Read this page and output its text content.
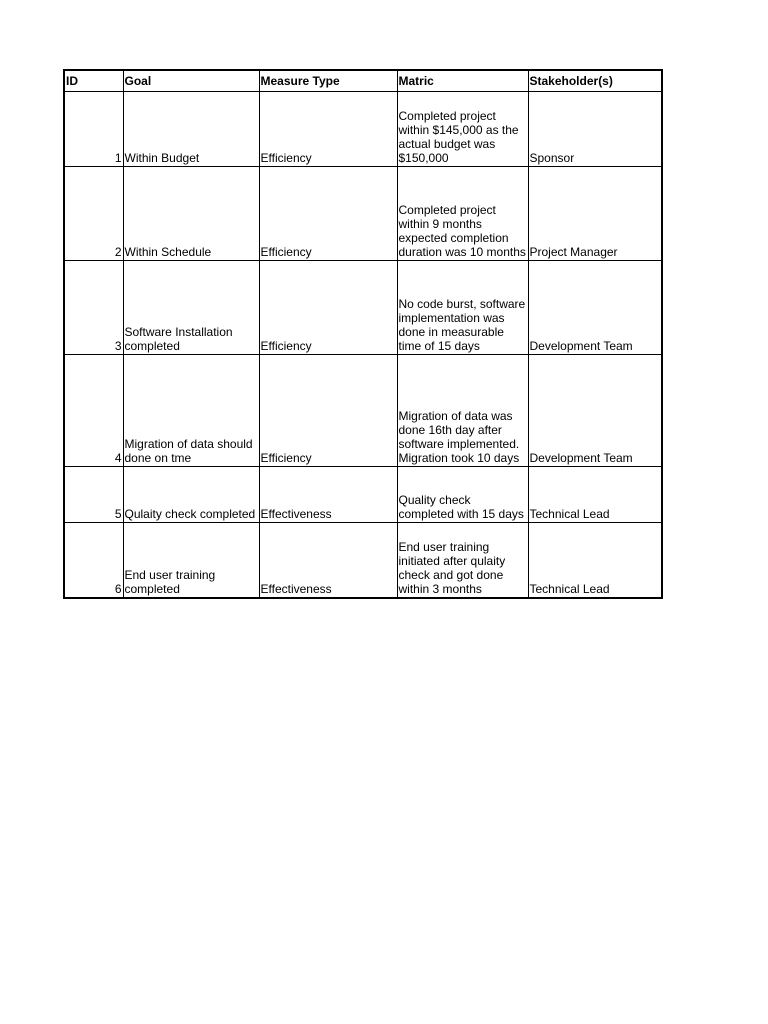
ID	Goal	Measure Type	Matric	Stakeholder(s)
1	Within Budget	Efficiency	Completed project within $145,000 as the actual budget was $150,000	Sponsor
2	Within Schedule	Efficiency	Completed project within 9 months expected completion duration was 10 months	Project Manager
3	Software Installation completed	Efficiency	No code burst, software implementation was done in measurable time of 15 days	Development Team
4	Migration of data should done on tme	Efficiency	Migration of data was done 16th day after software implemented. Migration took 10 days	Development Team
5	Qulaity check completed	Effectiveness	Quality check completed with 15 days	Technical Lead
6	End user training completed	Effectiveness	End user training initiated after qulaity check and got done within 3 months	Technical Lead
